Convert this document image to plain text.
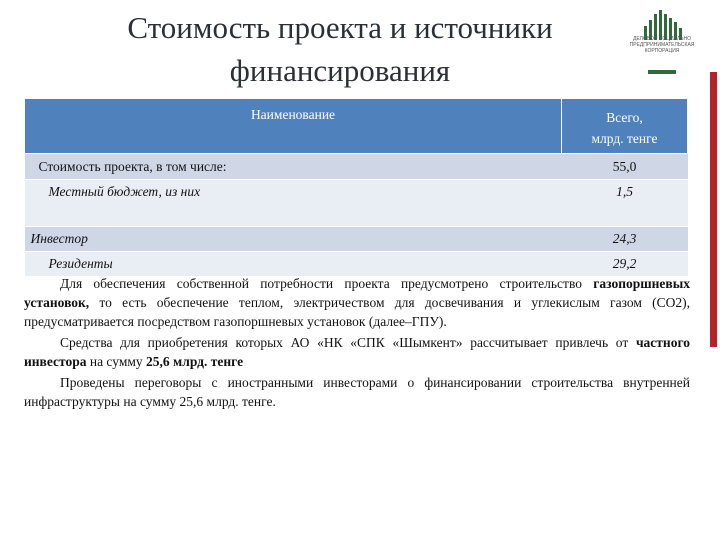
Стоимость проекта и источники финансирования
ДЕЛОВОЙ СОЦИАЛЬНО ПРЕДПРИНИМАТЕЛЬСКАЯ КОРПОРАЦИЯ
Наименование	Всего,
млрд. тенге
Стоимость проекта, в том числе:	55,0
Местный бюджет, из них	1,5
Инвестор	24,3
Резиденты	29,2

Для обеспечения собственной потребности проекта предусмотрено строительство газопоршневых установок, то есть обеспечение теплом, электричеством для досвечивания и углекислым газом (СО2), предусматривается посредством газопоршневых установок (далее–ГПУ).

Средства для приобретения которых АО «НК «СПК «Шымкент» рассчитывает привлечь от частного инвестора на сумму 25,6 млрд. тенге

Проведены переговоры с иностранными инвесторами о финансировании строительства внутренней инфраструктуры на сумму 25,6 млрд. тенге.
